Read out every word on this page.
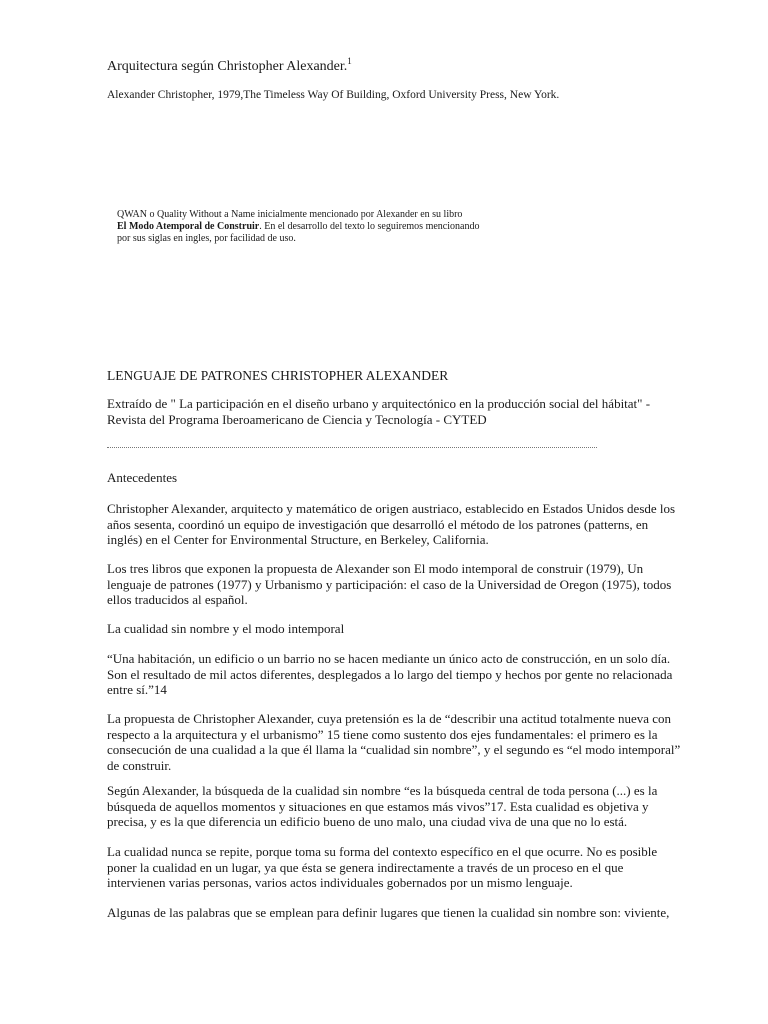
Arquitectura según Christopher Alexander.$^1$
Alexander Christopher, 1979,The Timeless Way Of Building, Oxford University Press, New York.

QWAN o Quality Without a Name inicialmente mencionado por Alexander en su libro

El Modo Atemporal de Construir. En el desarrollo del texto lo seguiremos mencionando

por sus siglas en ingles, por facilidad de uso.

LENGUAJE DE PATRONES CHRISTOPHER ALEXANDER

Extraído de " La participación en el diseño urbano y arquitectónico en la producción social del hábitat" -

Revista del Programa Iberoamericano de Ciencia y Tecnología - CYTED

Antecedentes

Christopher Alexander, arquitecto y matemático de origen austriaco, establecido en Estados Unidos desde los

años sesenta, coordinó un equipo de investigación que desarrolló el método de los patrones (patterns, en

inglés) en el Center for Environmental Structure, en Berkeley, California.

Los tres libros que exponen la propuesta de Alexander son El modo intemporal de construir (1979), Un

lenguaje de patrones (1977) y Urbanismo y participación: el caso de la Universidad de Oregon (1975), todos

ellos traducidos al español.

La cualidad sin nombre y el modo intemporal

“Una habitación, un edificio o un barrio no se hacen mediante un único acto de construcción, en un solo día.

Son el resultado de mil actos diferentes, desplegados a lo largo del tiempo y hechos por gente no relacionada

entre sí.”14

La propuesta de Christopher Alexander, cuya pretensión es la de “describir una actitud totalmente nueva con

respecto a la arquitectura y el urbanismo” 15 tiene como sustento dos ejes fundamentales: el primero es la

consecución de una cualidad a la que él llama la “cualidad sin nombre”, y el segundo es “el modo intemporal”

de construir.

Según Alexander, la búsqueda de la cualidad sin nombre “es la búsqueda central de toda persona (...) es la

búsqueda de aquellos momentos y situaciones en que estamos más vivos”17. Esta cualidad es objetiva y

precisa, y es la que diferencia un edificio bueno de uno malo, una ciudad viva de una que no lo está.

La cualidad nunca se repite, porque toma su forma del contexto específico en el que ocurre. No es posible

poner la cualidad en un lugar, ya que ésta se genera indirectamente a través de un proceso en el que

intervienen varias personas, varios actos individuales gobernados por un mismo lenguaje.

Algunas de las palabras que se emplean para definir lugares que tienen la cualidad sin nombre son: viviente,
